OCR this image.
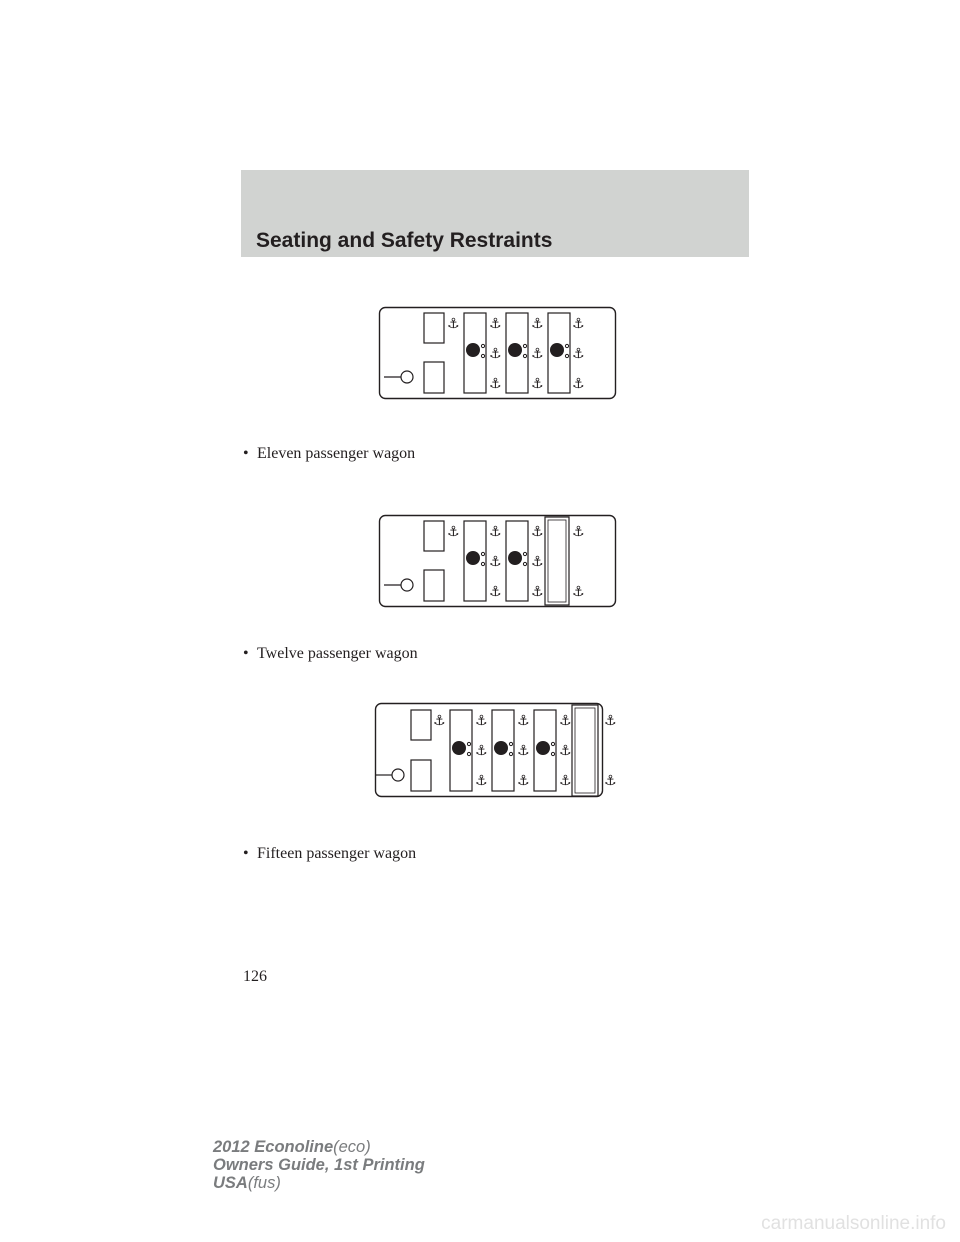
Seating and Safety Restraints
⚓ ⚓ ⚓ ⚓
⚓ ⚓ ⚓
⚓ ⚓ ⚓
• Eleven passenger wagon
⚓ ⚓ ⚓ ⚓
⚓ ⚓
⚓ ⚓ ⚓
• Twelve passenger wagon
⚓ ⚓ ⚓ ⚓ ⚓
⚓ ⚓ ⚓
⚓ ⚓ ⚓ ⚓
• Fifteen passenger wagon
126
2012 Econoline(eco)
Owners Guide, 1st Printing
USA(fus)
carmanualsonline.info
